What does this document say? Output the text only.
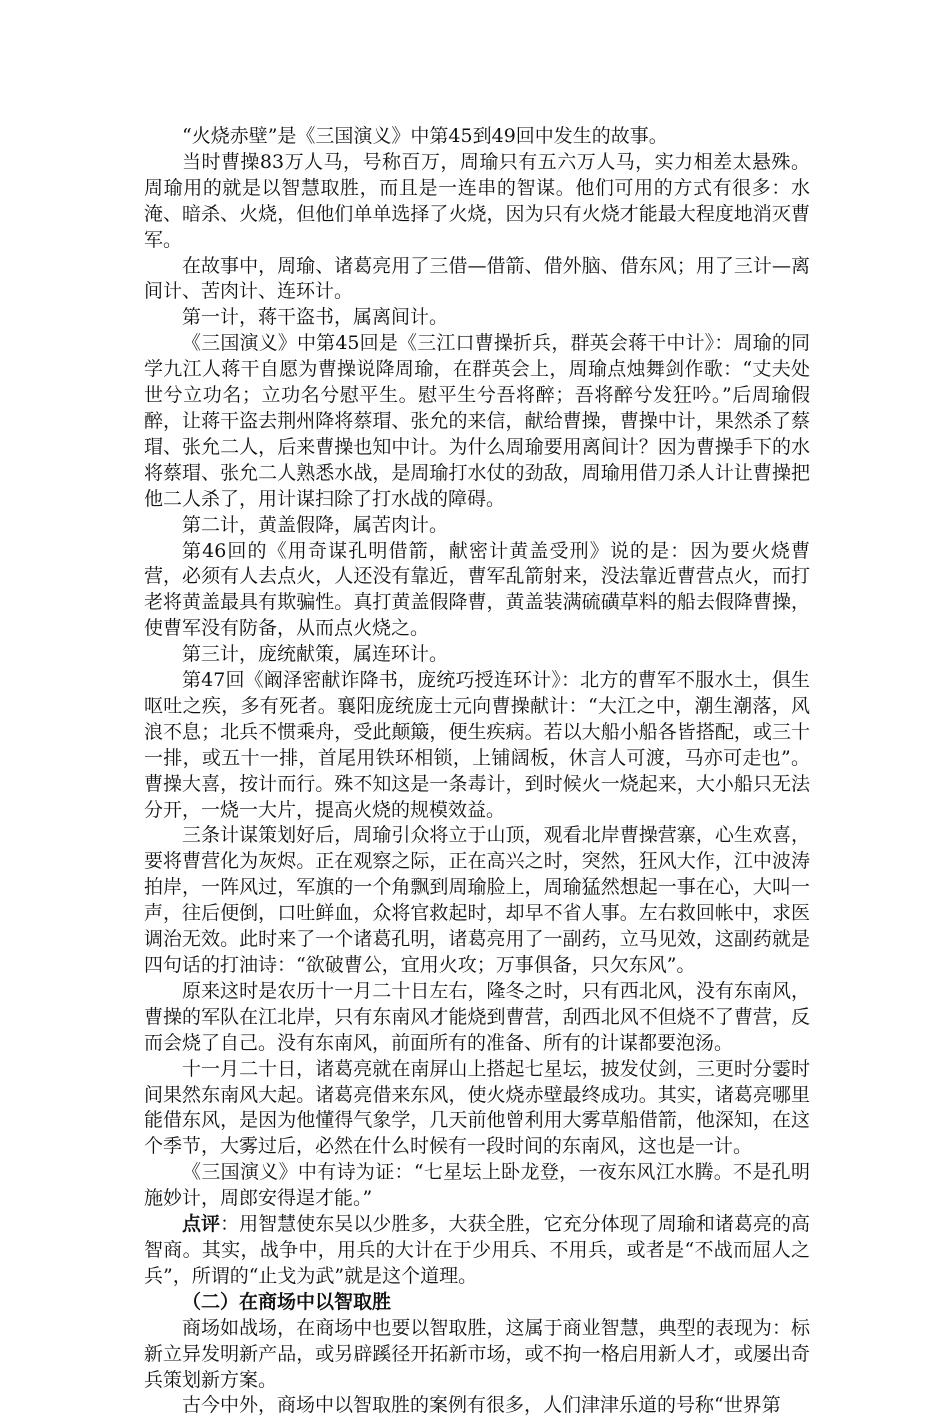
“火烧赤壁”是《三国演义》中第45到49回中发生的故事。

当时曹操83万人马，号称百万，周瑜只有五六万人马，实力相差太悬殊。周瑜用的就是以智慧取胜，而且是一连串的智谋。他们可用的方式有很多：水淹、暗杀、火烧，但他们单单选择了火烧，因为只有火烧才能最大程度地消灭曹军。

在故事中，周瑜、诸葛亮用了三借—借箭、借外脑、借东风；用了三计—离间计、苦肉计、连环计。

第一计，蒋干盗书，属离间计。

《三国演义》中第45回是《三江口曹操折兵，群英会蒋干中计》：周瑜的同学九江人蒋干自愿为曹操说降周瑜，在群英会上，周瑜点烛舞剑作歌：“丈夫处世兮立功名；立功名兮慰平生。慰平生兮吾将醉；吾将醉兮发狂吟。”后周瑜假醉，让蒋干盗去荆州降将蔡瑁、张允的来信，献给曹操，曹操中计，果然杀了蔡瑁、张允二人，后来曹操也知中计。为什么周瑜要用离间计？因为曹操手下的水将蔡瑁、张允二人熟悉水战，是周瑜打水仗的劲敌，周瑜用借刀杀人计让曹操把他二人杀了，用计谋扫除了打水战的障碍。

第二计，黄盖假降，属苦肉计。

第46回的《用奇谋孔明借箭，献密计黄盖受刑》说的是：因为要火烧曹营，必须有人去点火，人还没有靠近，曹军乱箭射来，没法靠近曹营点火，而打老将黄盖最具有欺骗性。真打黄盖假降曹，黄盖装满硫磺草料的船去假降曹操，使曹军没有防备，从而点火烧之。

第三计，庞统献策，属连环计。

第47回《阚泽密献诈降书，庞统巧授连环计》：北方的曹军不服水土，俱生呕吐之疾，多有死者。襄阳庞统庞士元向曹操献计：“大江之中，潮生潮落，风浪不息；北兵不惯乘舟，受此颠簸，便生疾病。若以大船小船各皆搭配，或三十一排，或五十一排，首尾用铁环相锁，上铺阔板，休言人可渡，马亦可走也”。曹操大喜，按计而行。殊不知这是一条毒计，到时候火一烧起来，大小船只无法分开，一烧一大片，提高火烧的规模效益。

三条计谋策划好后，周瑜引众将立于山顶，观看北岸曹操营寨，心生欢喜，要将曹营化为灰烬。正在观察之际，正在高兴之时，突然，狂风大作，江中波涛拍岸，一阵风过，军旗的一个角飘到周瑜脸上，周瑜猛然想起一事在心，大叫一声，往后便倒，口吐鲜血，众将官救起时，却早不省人事。左右救回帐中，求医调治无效。此时来了一个诸葛孔明，诸葛亮用了一副药，立马见效，这副药就是四句话的打油诗：“欲破曹公，宜用火攻；万事俱备，只欠东风”。

原来这时是农历十一月二十日左右，隆冬之时，只有西北风，没有东南风，曹操的军队在江北岸，只有东南风才能烧到曹营，刮西北风不但烧不了曹营，反而会烧了自己。没有东南风，前面所有的准备、所有的计谋都要泡汤。

十一月二十日，诸葛亮就在南屏山上搭起七星坛，披发仗剑，三更时分霎时间果然东南风大起。诸葛亮借来东风，使火烧赤壁最终成功。其实，诸葛亮哪里能借东风，是因为他懂得气象学，几天前他曾利用大雾草船借箭，他深知，在这个季节，大雾过后，必然在什么时候有一段时间的东南风，这也是一计。

《三国演义》中有诗为证：“七星坛上卧龙登，一夜东风江水腾。不是孔明施妙计，周郎安得逞才能。”

点评：用智慧使东吴以少胜多，大获全胜，它充分体现了周瑜和诸葛亮的高智商。其实，战争中，用兵的大计在于少用兵、不用兵，或者是“不战而屈人之兵”，所谓的“止戈为武”就是这个道理。

（二）在商场中以智取胜

商场如战场，在商场中也要以智取胜，这属于商业智慧，典型的表现为：标新立异发明新产品，或另辟蹊径开拓新市场，或不拘一格启用新人才，或屡出奇兵策划新方案。

古今中外，商场中以智取胜的案例有很多，人们津津乐道的号称“世界第
